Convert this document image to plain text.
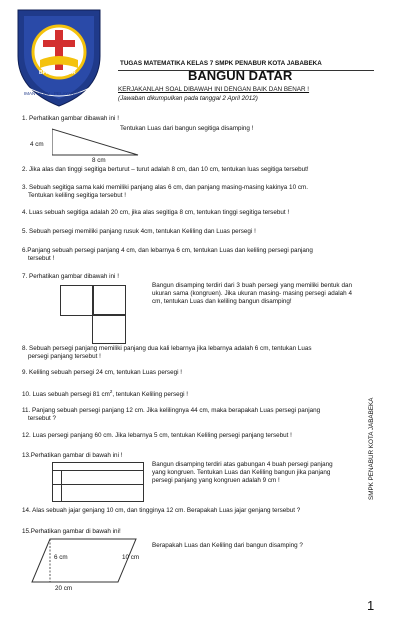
BPK PENABUR
IMAN - ILMU - PELAYANAN
TUGAS MATEMATIKA KELAS 7 SMPK PENABUR KOTA JABABEKA
BANGUN DATAR
KERJAKANLAH SOAL DIBAWAH INI DENGAN BAIK DAN BENAR !
(Jawaban dikumpulkan pada tanggal 2 April 2012)
1. Perhatikan gambar dibawah ini !
Tentukan Luas dari bangun segitiga disamping !
4 cm
8 cm
2. Jika alas dan tinggi segitiga berturut – turut adalah 8 cm, dan 10 cm, tentukan luas segitiga tersebut!
3. Sebuah segitiga sama kaki memiliki panjang alas 6 cm, dan panjang masing-masing kakinya 10 cm.
Tentukan keliling segitiga tersebut !
4. Luas sebuah segitiga adalah 20 cm, jika alas segitiga 8 cm, tentukan tinggi segitiga tersebut !
5. Sebuah persegi memiliki panjang rusuk 4cm, tentukan Keliling dan Luas persegi !
6.Panjang sebuah persegi panjang 4 cm, dan lebarnya 6 cm, tentukan Luas dan keliling persegi panjang
tersebut !
7. Perhatikan gambar dibawah ini !
Bangun disamping terdiri dari 3 buah persegi yang memiliki bentuk dan ukuran sama (kongruen). Jika ukuran masing- masing persegi adalah 4 cm, tentukan Luas dan keliling bangun disamping!
8. Sebuah persegi panjang memiliki panjang dua kali lebarnya jika lebarnya adalah 6 cm, tentukan Luas
persegi panjang tersebut !
9. Keliling sebuah persegi 24 cm, tentukan Luas persegi !
10. Luas sebuah persegi 81 $cm^2$, tentukan Keliling persegi !
11. Panjang sebuah persegi panjang 12 cm. Jika kelilingnya 44 cm, maka berapakah Luas persegi panjang
tersebut ?
12. Luas persegi panjang 60 cm. Jika lebarnya 5 cm, tentukan Keliling persegi panjang tersebut !
13.Perhatikan gambar di bawah ini !
Bangun disamping terdiri atas gabungan 4 buah persegi panjang yang kongruen. Tentukan Luas dan Keliling bangun jika panjang persegi panjang yang kongruen adalah 9 cm !
14. Alas sebuah jajar genjang 10 cm, dan tingginya 12 cm. Berapakah Luas jajar genjang tersebut ?
15.Perhatikan gambar di bawah ini!
Berapakah Luas dan Keliling dari bangun disamping ?
6 cm	10 cm
20 cm
SMPK PENABUR KOTA JABABEKA
1
